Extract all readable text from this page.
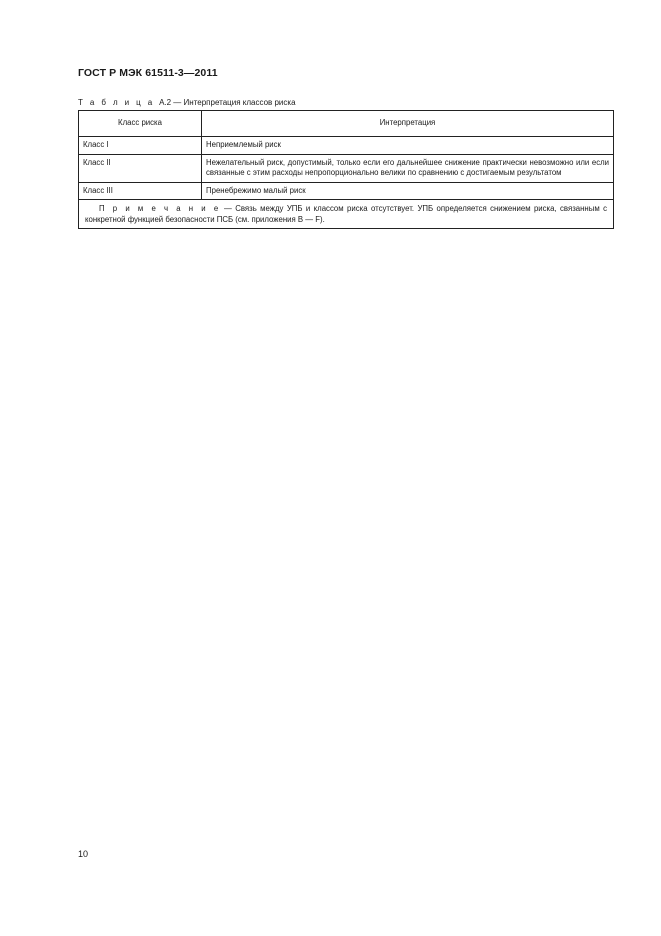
ГОСТ Р МЭК 61511-3—2011
Т а б л и ц а А.2 — Интерпретация классов риска
Класс риска	Интерпретация
Класс I	Неприемлемый риск
Класс II	Нежелательный риск, допустимый, только если его дальнейшее снижение практически невозможно или если связанные с этим расходы непропорционально велики по сравнению с достигаемым результатом
Класс III	Пренебрежимо малый риск
П р и м е ч а н и е — Связь между УПБ и классом риска отсутствует. УПБ определяется снижением риска, связанным с конкретной функцией безопасности ПСБ (см. приложения В — F).	
10
